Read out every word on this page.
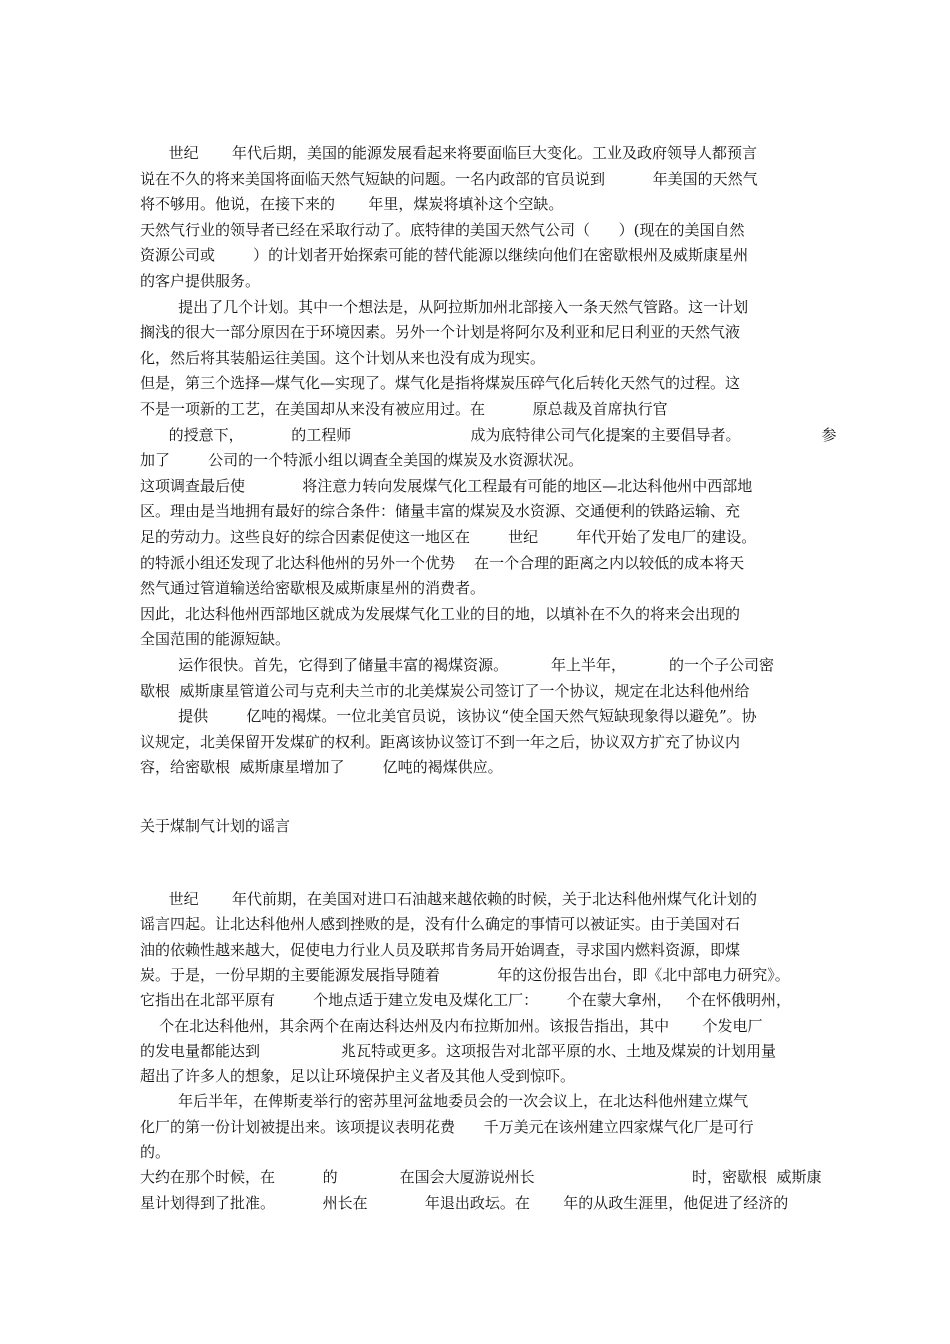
世纪       年代后期，美国的能源发展看起来将要面临巨大变化。工业及政府领导人都预言
说在不久的将来美国将面临天然气短缺的问题。一名内政部的官员说到          年美国的天然气
将不够用。他说，在接下来的       年里，煤炭将填补这个空缺。
天然气行业的领导者已经在采取行动了。底特律的美国天然气公司（      ）(现在的美国自然
资源公司或        ）的计划者开始探索可能的替代能源以继续向他们在密歇根州及威斯康星州
的客户提供服务。
提出了几个计划。其中一个想法是，从阿拉斯加州北部接入一条天然气管路。这一计划
搁浅的很大一部分原因在于环境因素。另外一个计划是将阿尔及利亚和尼日利亚的天然气液
化，然后将其装船运往美国。这个计划从来也没有成为现实。
但是，第三个选择—煤气化—实现了。煤气化是指将煤炭压碎气化后转化天然气的过程。这
不是一项新的工艺，在美国却从来没有被应用过。在          原总裁及首席执行官
的授意下，          的工程师                         成为底特律公司气化提案的主要倡导者。                 参
加了        公司的一个特派小组以调查全美国的煤炭及水资源状况。
这项调查最后使            将注意力转向发展煤气化工程最有可能的地区—北达科他州中西部地
区。理由是当地拥有最好的综合条件：储量丰富的煤炭及水资源、交通便利的铁路运输、充
足的劳动力。这些良好的综合因素促使这一地区在        世纪        年代开始了发电厂的建设。
的特派小组还发现了北达科他州的另外一个优势    在一个合理的距离之内以较低的成本将天
然气通过管道输送给密歇根及威斯康星州的消费者。
因此，北达科他州西部地区就成为发展煤气化工业的目的地，以填补在不久的将来会出现的
全国范围的能源短缺。
运作很快。首先，它得到了储量丰富的褐煤资源。         年上半年，         的一个子公司密
歇根  威斯康星管道公司与克利夫兰市的北美煤炭公司签订了一个协议，规定在北达科他州给
提供        亿吨的褐煤。一位北美官员说，该协议“使全国天然气短缺现象得以避免”。协
议规定，北美保留开发煤矿的权利。距离该协议签订不到一年之后，协议双方扩充了协议内
容，给密歇根  威斯康星增加了        亿吨的褐煤供应。
关于煤制气计划的谣言
世纪       年代前期，在美国对进口石油越来越依赖的时候，关于北达科他州煤气化计划的
谣言四起。让北达科他州人感到挫败的是，没有什么确定的事情可以被证实。由于美国对石
油的依赖性越来越大，促使电力行业人员及联邦肯务局开始调查，寻求国内燃料资源，即煤
炭。于是，一份早期的主要能源发展指导随着            年的这份报告出台，即《北中部电力研究》。
它指出在北部平原有        个地点适于建立发电及煤化工厂：      个在蒙大拿州，   个在怀俄明州，
个在北达科他州，其余两个在南达科达州及内布拉斯加州。该报告指出，其中       个发电厂
的发电量都能达到                 兆瓦特或更多。这项报告对北部平原的水、土地及煤炭的计划用量
超出了许多人的想象，足以让环境保护主义者及其他人受到惊吓。
年后半年，在俾斯麦举行的密苏里河盆地委员会的一次会议上，在北达科他州建立煤气
化厂的第一份计划被提出来。该项提议表明花费      千万美元在该州建立四家煤气化厂是可行
的。
大约在那个时候，在          的             在国会大厦游说州长                                 时，密歇根  威斯康
星计划得到了批准。          州长在            年退出政坛。在       年的从政生涯里，他促进了经济的
